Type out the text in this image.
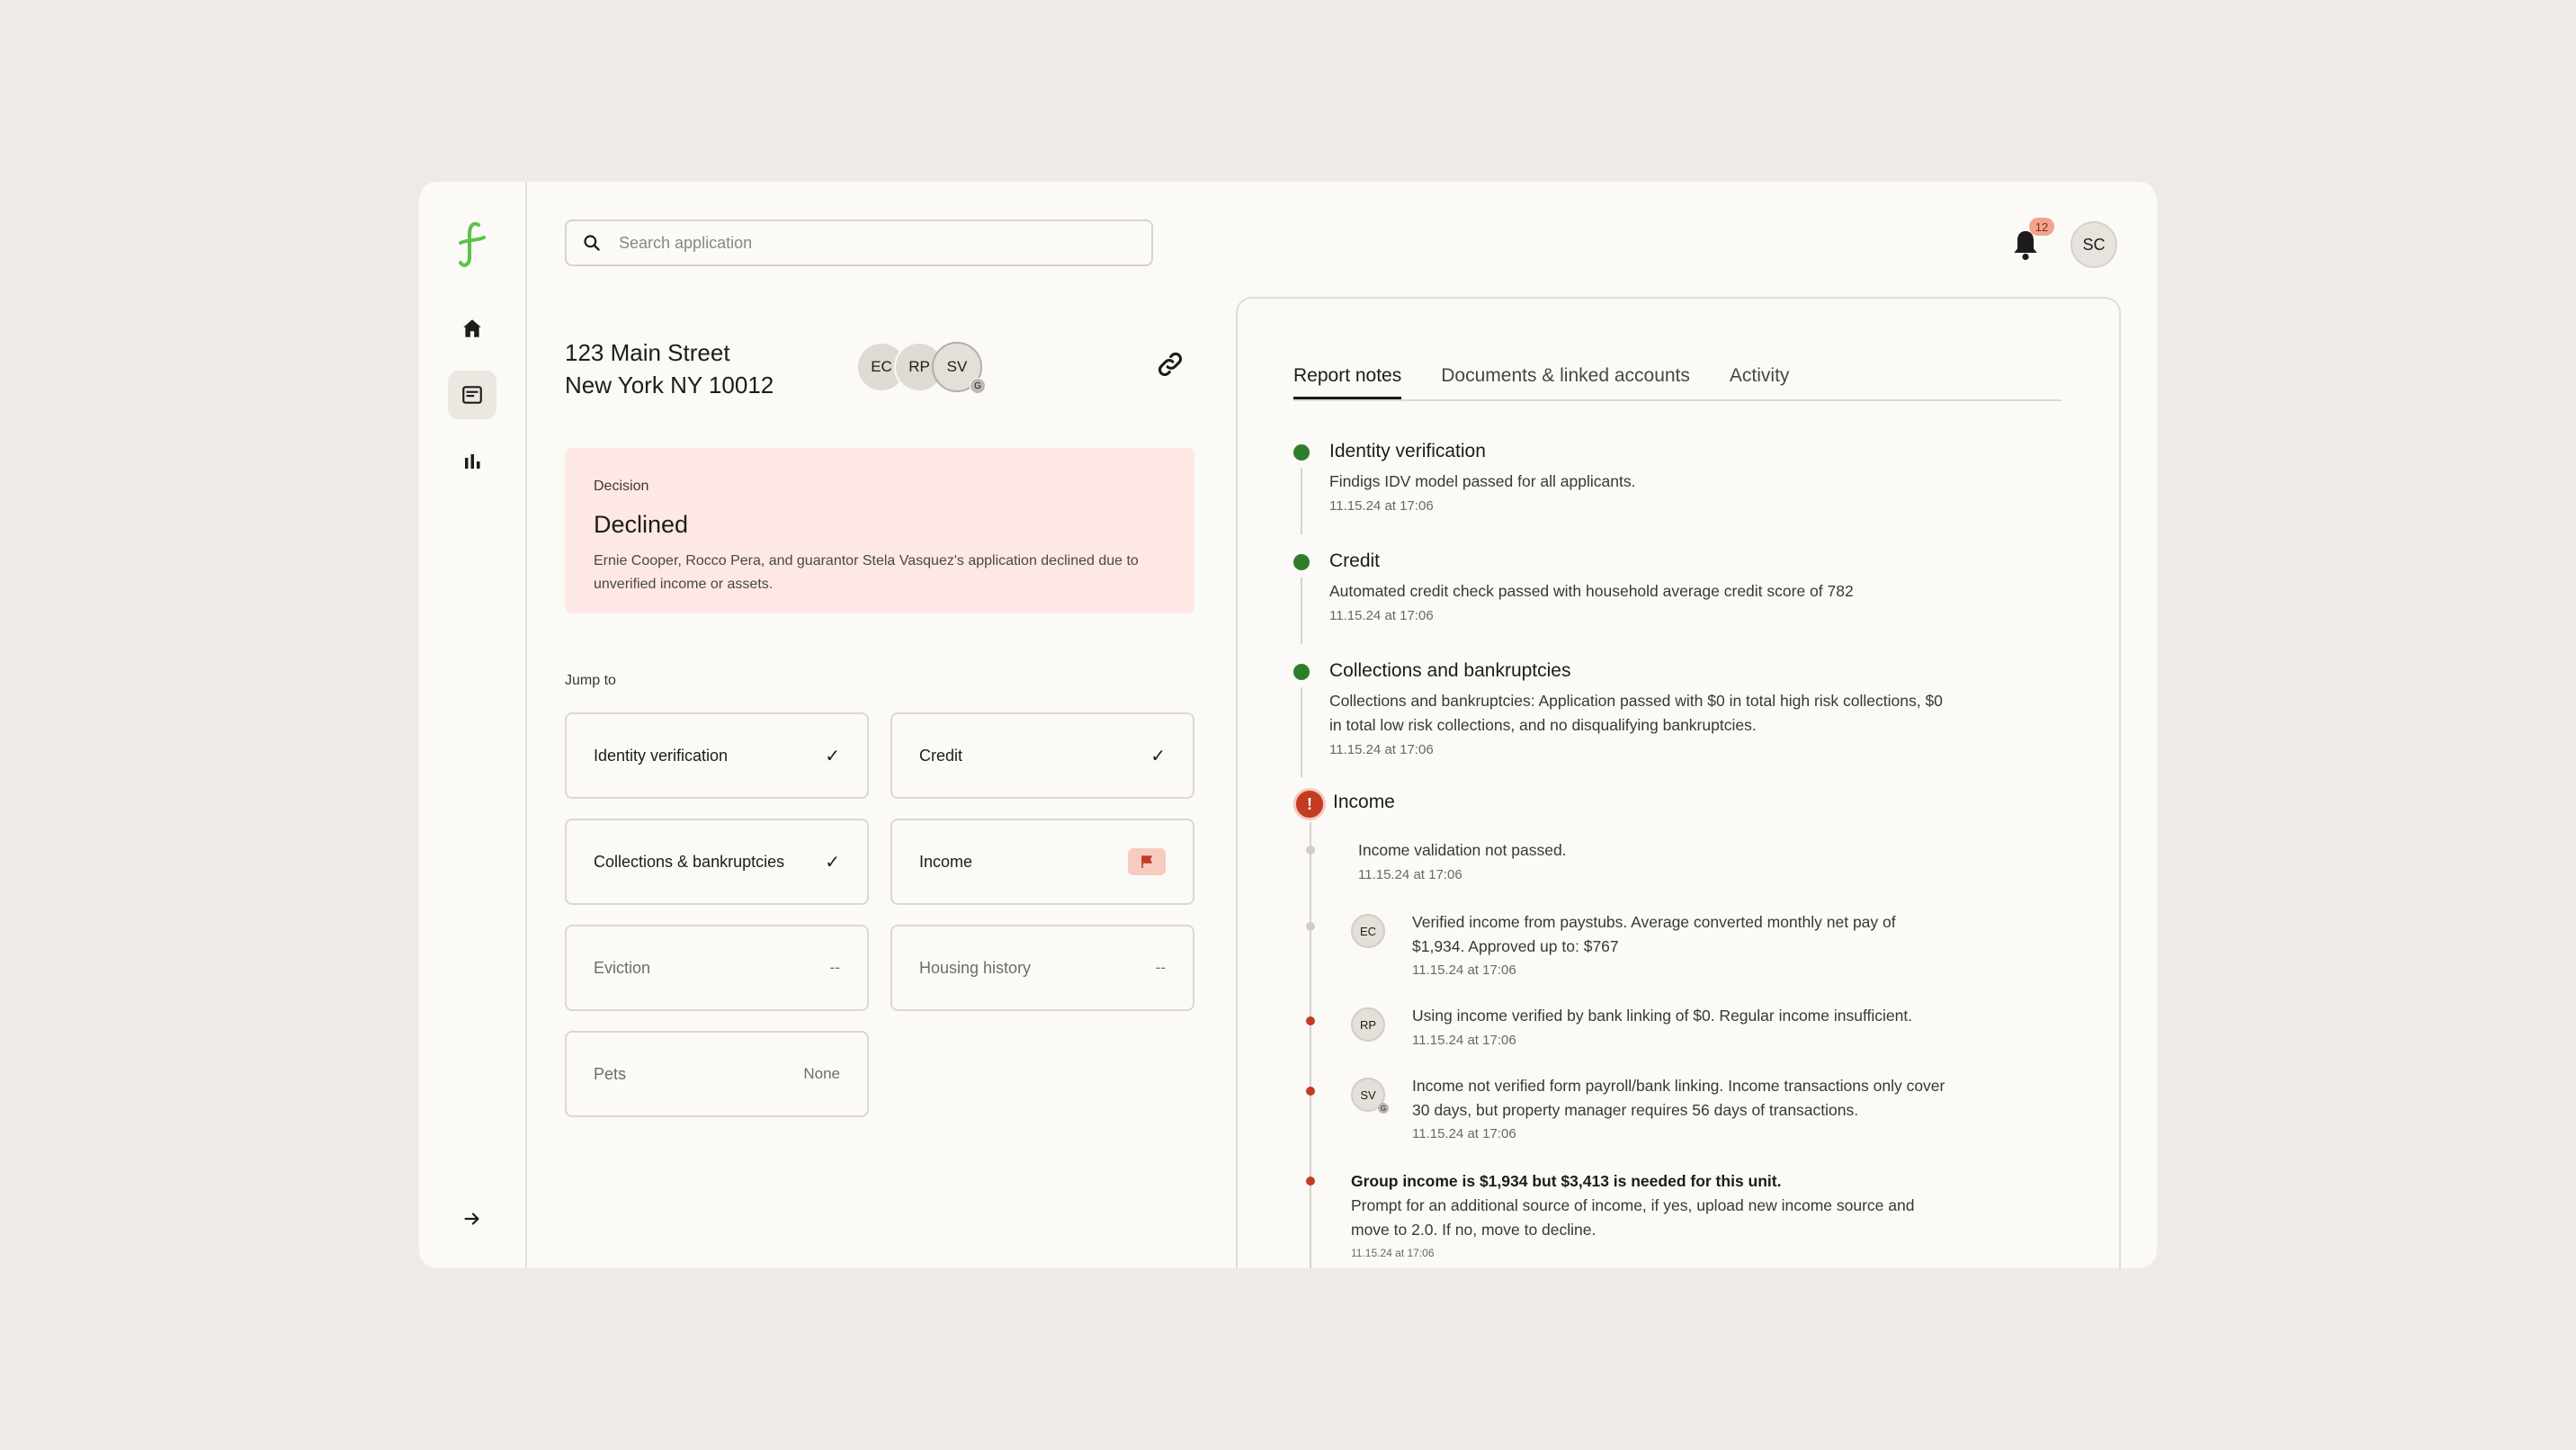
Search application
12
SC
123 Main Street
New York NY 10012
EC	RP	SV
G
Decision
Declined
Ernie Cooper, Rocco Pera, and guarantor Stela Vasquez's application declined due to unverified income or assets.
Jump to
Identity verification	✓	Credit	✓
Collections & bankruptcies ✓	Income
Eviction	--	Housing history	--
Pets	None
Report notes Documents & linked accounts Activity
Identity verification
Findigs IDV model passed for all applicants.
11.15.24 at 17:06
Credit
Automated credit check passed with household average credit score of 782
11.15.24 at 17:06
Collections and bankruptcies
Collections and bankruptcies: Application passed with $0 in total high risk collections, $0 in total low risk collections, and no disqualifying bankruptcies.
11.15.24 at 17:06
!	Income
Income validation not passed.
11.15.24 at 17:06
EC	Verified income from paystubs. Average converted monthly net pay of $1,934. Approved up to: $767
11.15.24 at 17:06
RP	Using income verified by bank linking of $0. Regular income insufficient.
11.15.24 at 17:06
SV
G
Income not verified form payroll/bank linking. Income transactions only cover 30 days, but property manager requires 56 days of transactions.
11.15.24 at 17:06
Group income is $1,934 but $3,413 is needed for this unit.
Prompt for an additional source of income, if yes, upload new income source and move to 2.0. If no, move to decline.
11.15.24 at 17:06
